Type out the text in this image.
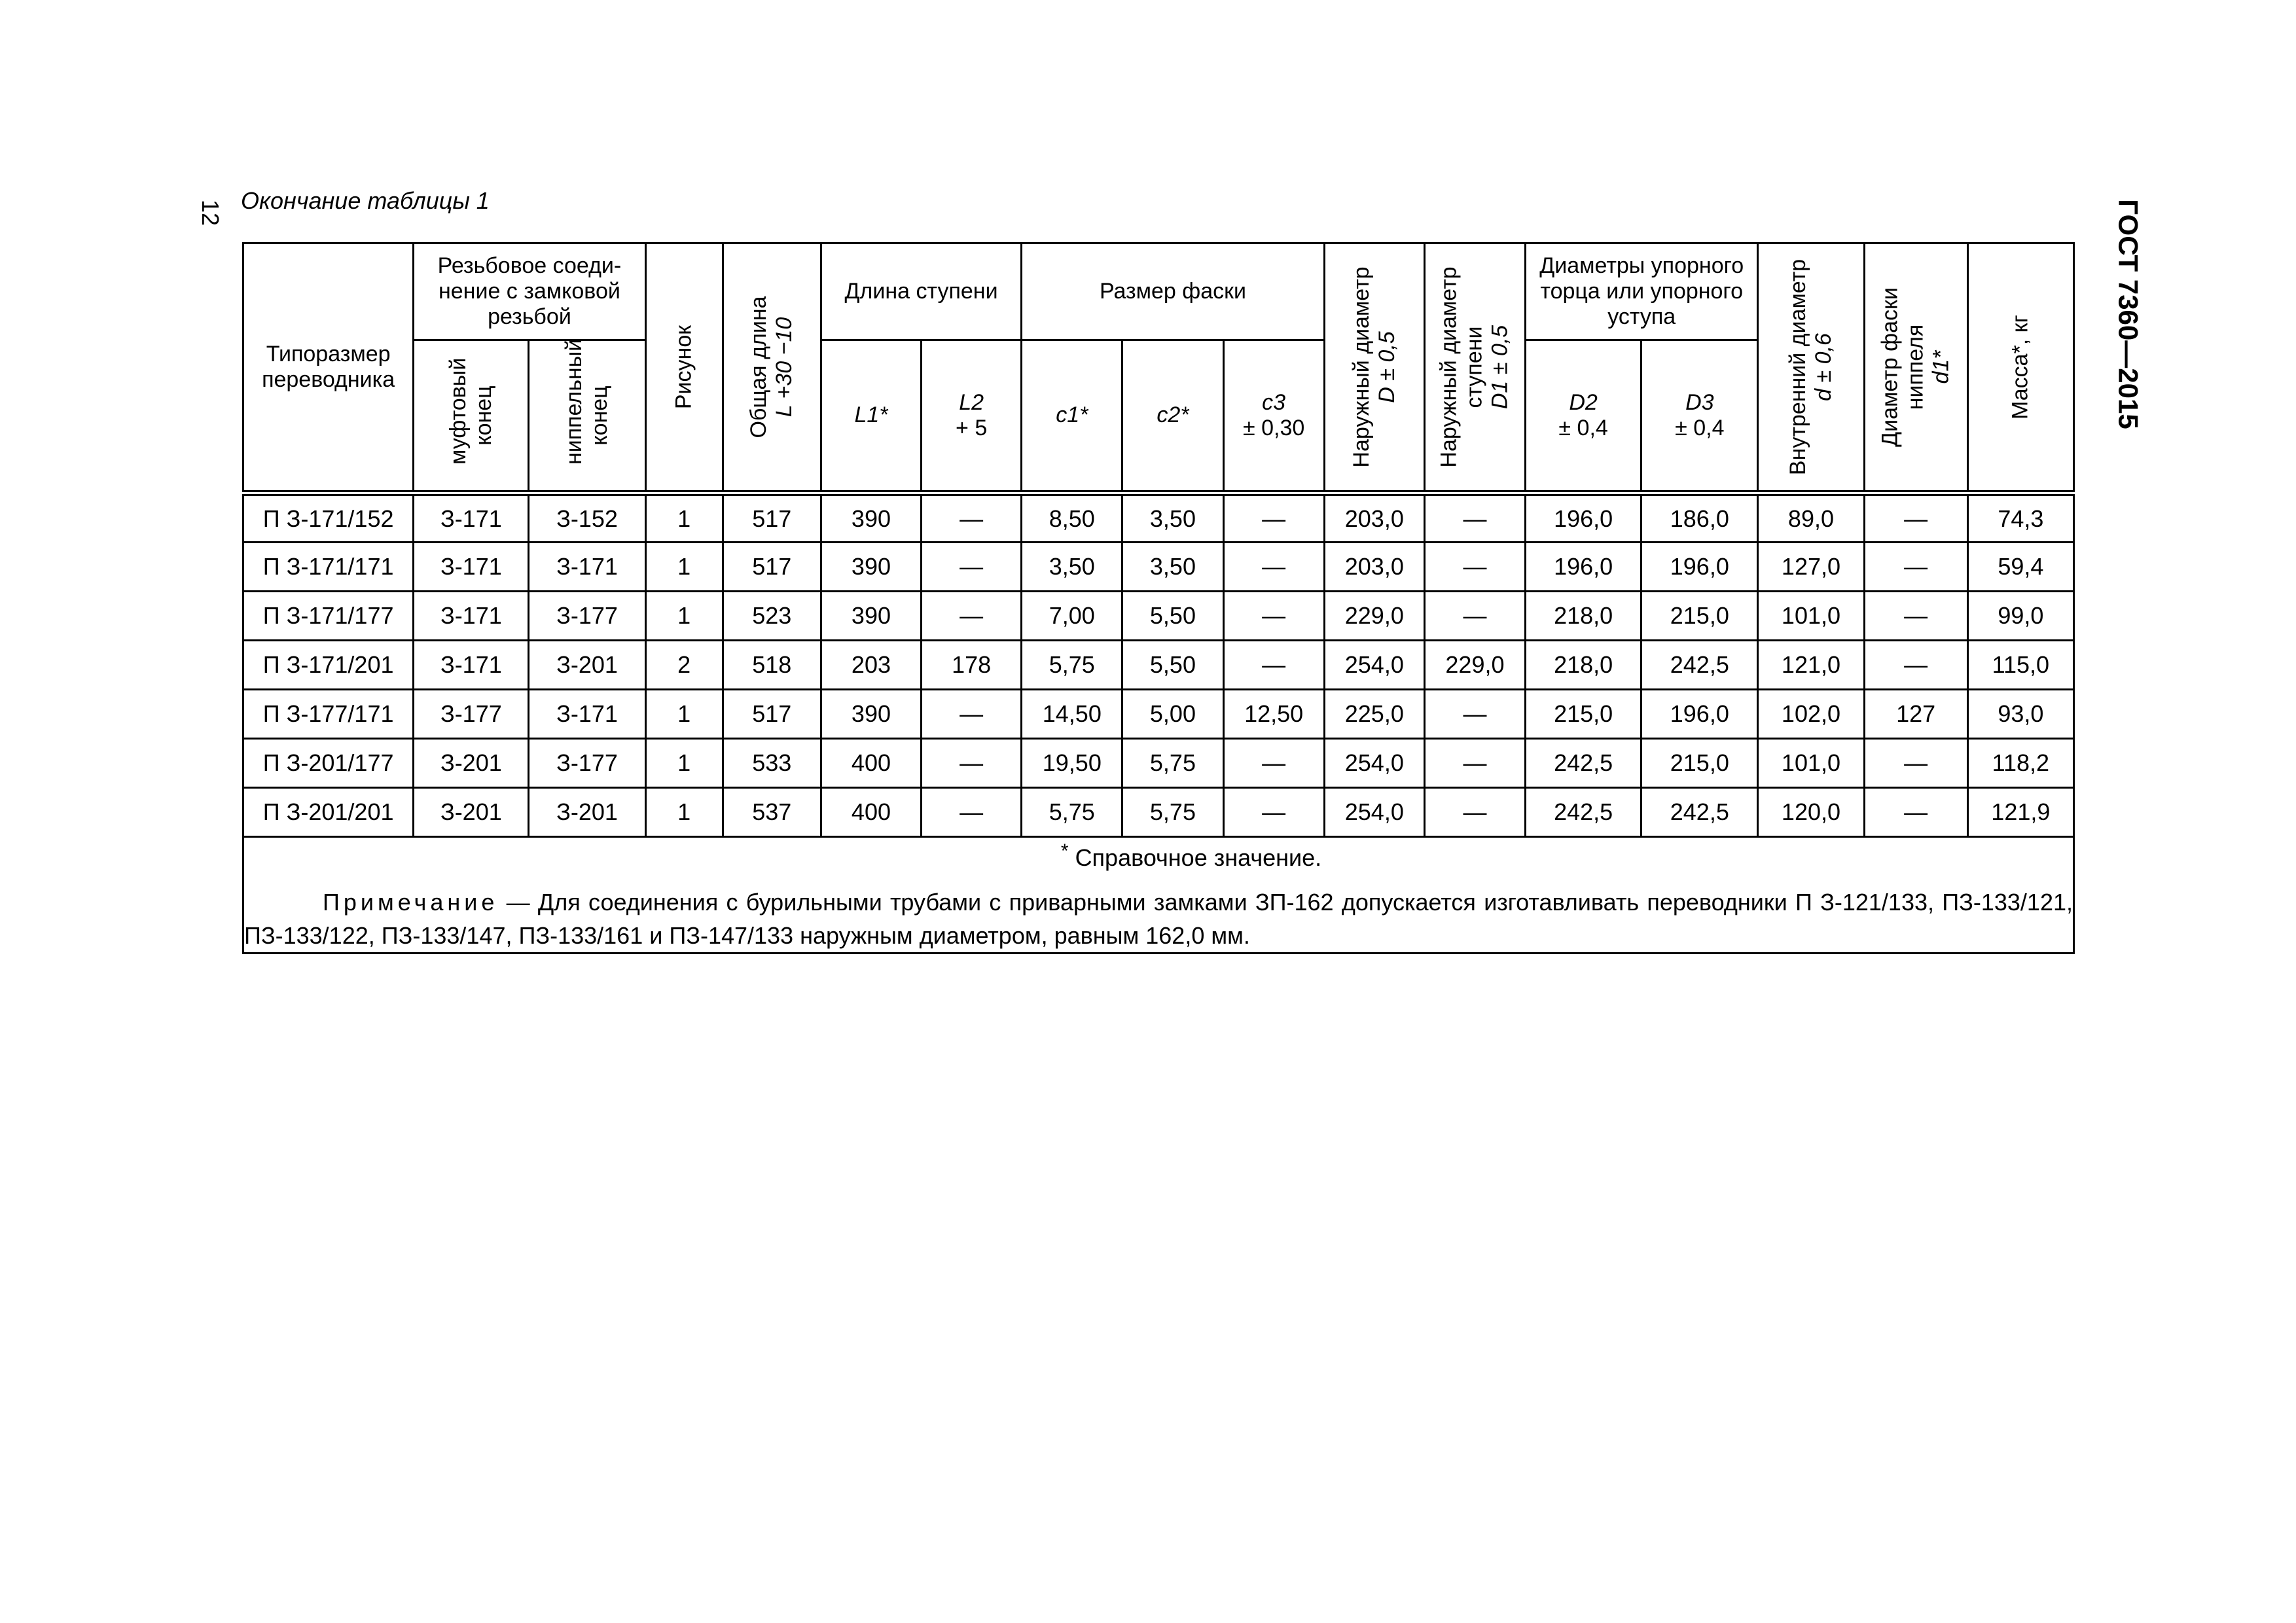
12 Окончание таблицы 1	ГОСТ 7360—2015
Типоразмер переводника	Резьбовое соеди-нение с замковой резьбой		Рисунок	Общая длина
L +30 −10	Длина ступени		Размер фаски			Наружный диаметр
D ± 0,5	Наружный диаметр
ступени
D1 ± 0,5	Диаметры упорного торца или упорного уступа		Внутренний диаметр
d ± 0,6	Диаметр фаски
ниппеля
d1*	Масса*, кг

	муфтовый конец	ниппельный конец			L1*	L2
+ 5	c1*	c2*	c3
± 0,30			D2
± 0,4	D3
± 0,4			

П З-171/152	З-171	З-152	1	517	390	—	8,50	3,50	—	203,0	—	196,0	186,0	89,0	—	74,3
П З-171/171	З-171	З-171	1	517	390	—	3,50	3,50	—	203,0	—	196,0	196,0	127,0	—	59,4
П З-171/177	З-171	З-177	1	523	390	—	7,00	5,50	—	229,0	—	218,0	215,0	101,0	—	99,0
П З-171/201	З-171	З-201	2	518	203	178	5,75	5,50	—	254,0	229,0	218,0	242,5	121,0	—	115,0
П З-177/171	З-177	З-171	1	517	390	—	14,50	5,00	12,50	225,0	—	215,0	196,0	102,0	127	93,0
П З-201/177	З-201	З-177	1	533	400	—	19,50	5,75	—	254,0	—	242,5	215,0	101,0	—	118,2
П З-201/201	З-201	З-201	1	537	400	—	5,75	5,75	—	254,0	—	242,5	242,5	120,0	—	121,9

* Справочное значение.
Примечание — Для соединения с бурильными трубами с приварными замками ЗП-162 допускается изготавливать переводники П З-121/133, ПЗ-133/121, ПЗ-133/122, ПЗ-133/147, ПЗ-133/161 и ПЗ-147/133 наружным диаметром, равным 162,0 мм.																
